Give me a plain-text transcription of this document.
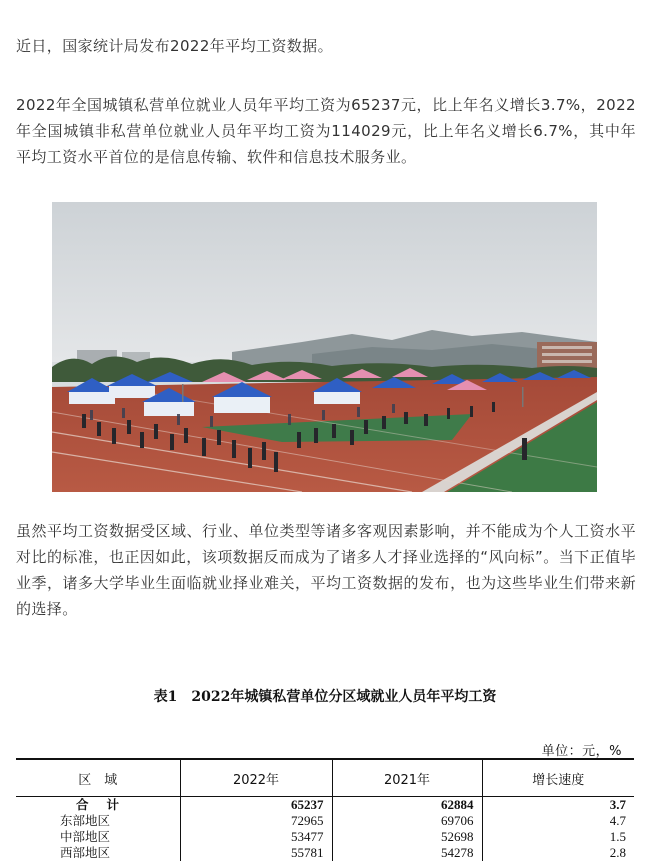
近日，国家统计局发布2022年平均工资数据。

2022年全国城镇私营单位就业人员年平均工资为65237元，比上年名义增长3.7%，2022年全国城镇非私营单位就业人员年平均工资为114029元，比上年名义增长6.7%，其中年平均工资水平首位的是信息传输、软件和信息技术服务业。

虽然平均工资数据受区域、行业、单位类型等诸多客观因素影响，并不能成为个人工资水平对比的标准，也正因如此，该项数据反而成为了诸多人才择业选择的“风向标”。当下正值毕业季，诸多大学毕业生面临就业择业难关，平均工资数据的发布，也为这些毕业生们带来新的选择。

表1 2022年城镇私营单位分区域就业人员年平均工资

单位：元，%
区　域	2022年	2021年	增长速度
合计	65237	62884	3.7
东部地区	72965	69706	4.7
中部地区	53477	52698	1.5
西部地区	55781	54278	2.8
